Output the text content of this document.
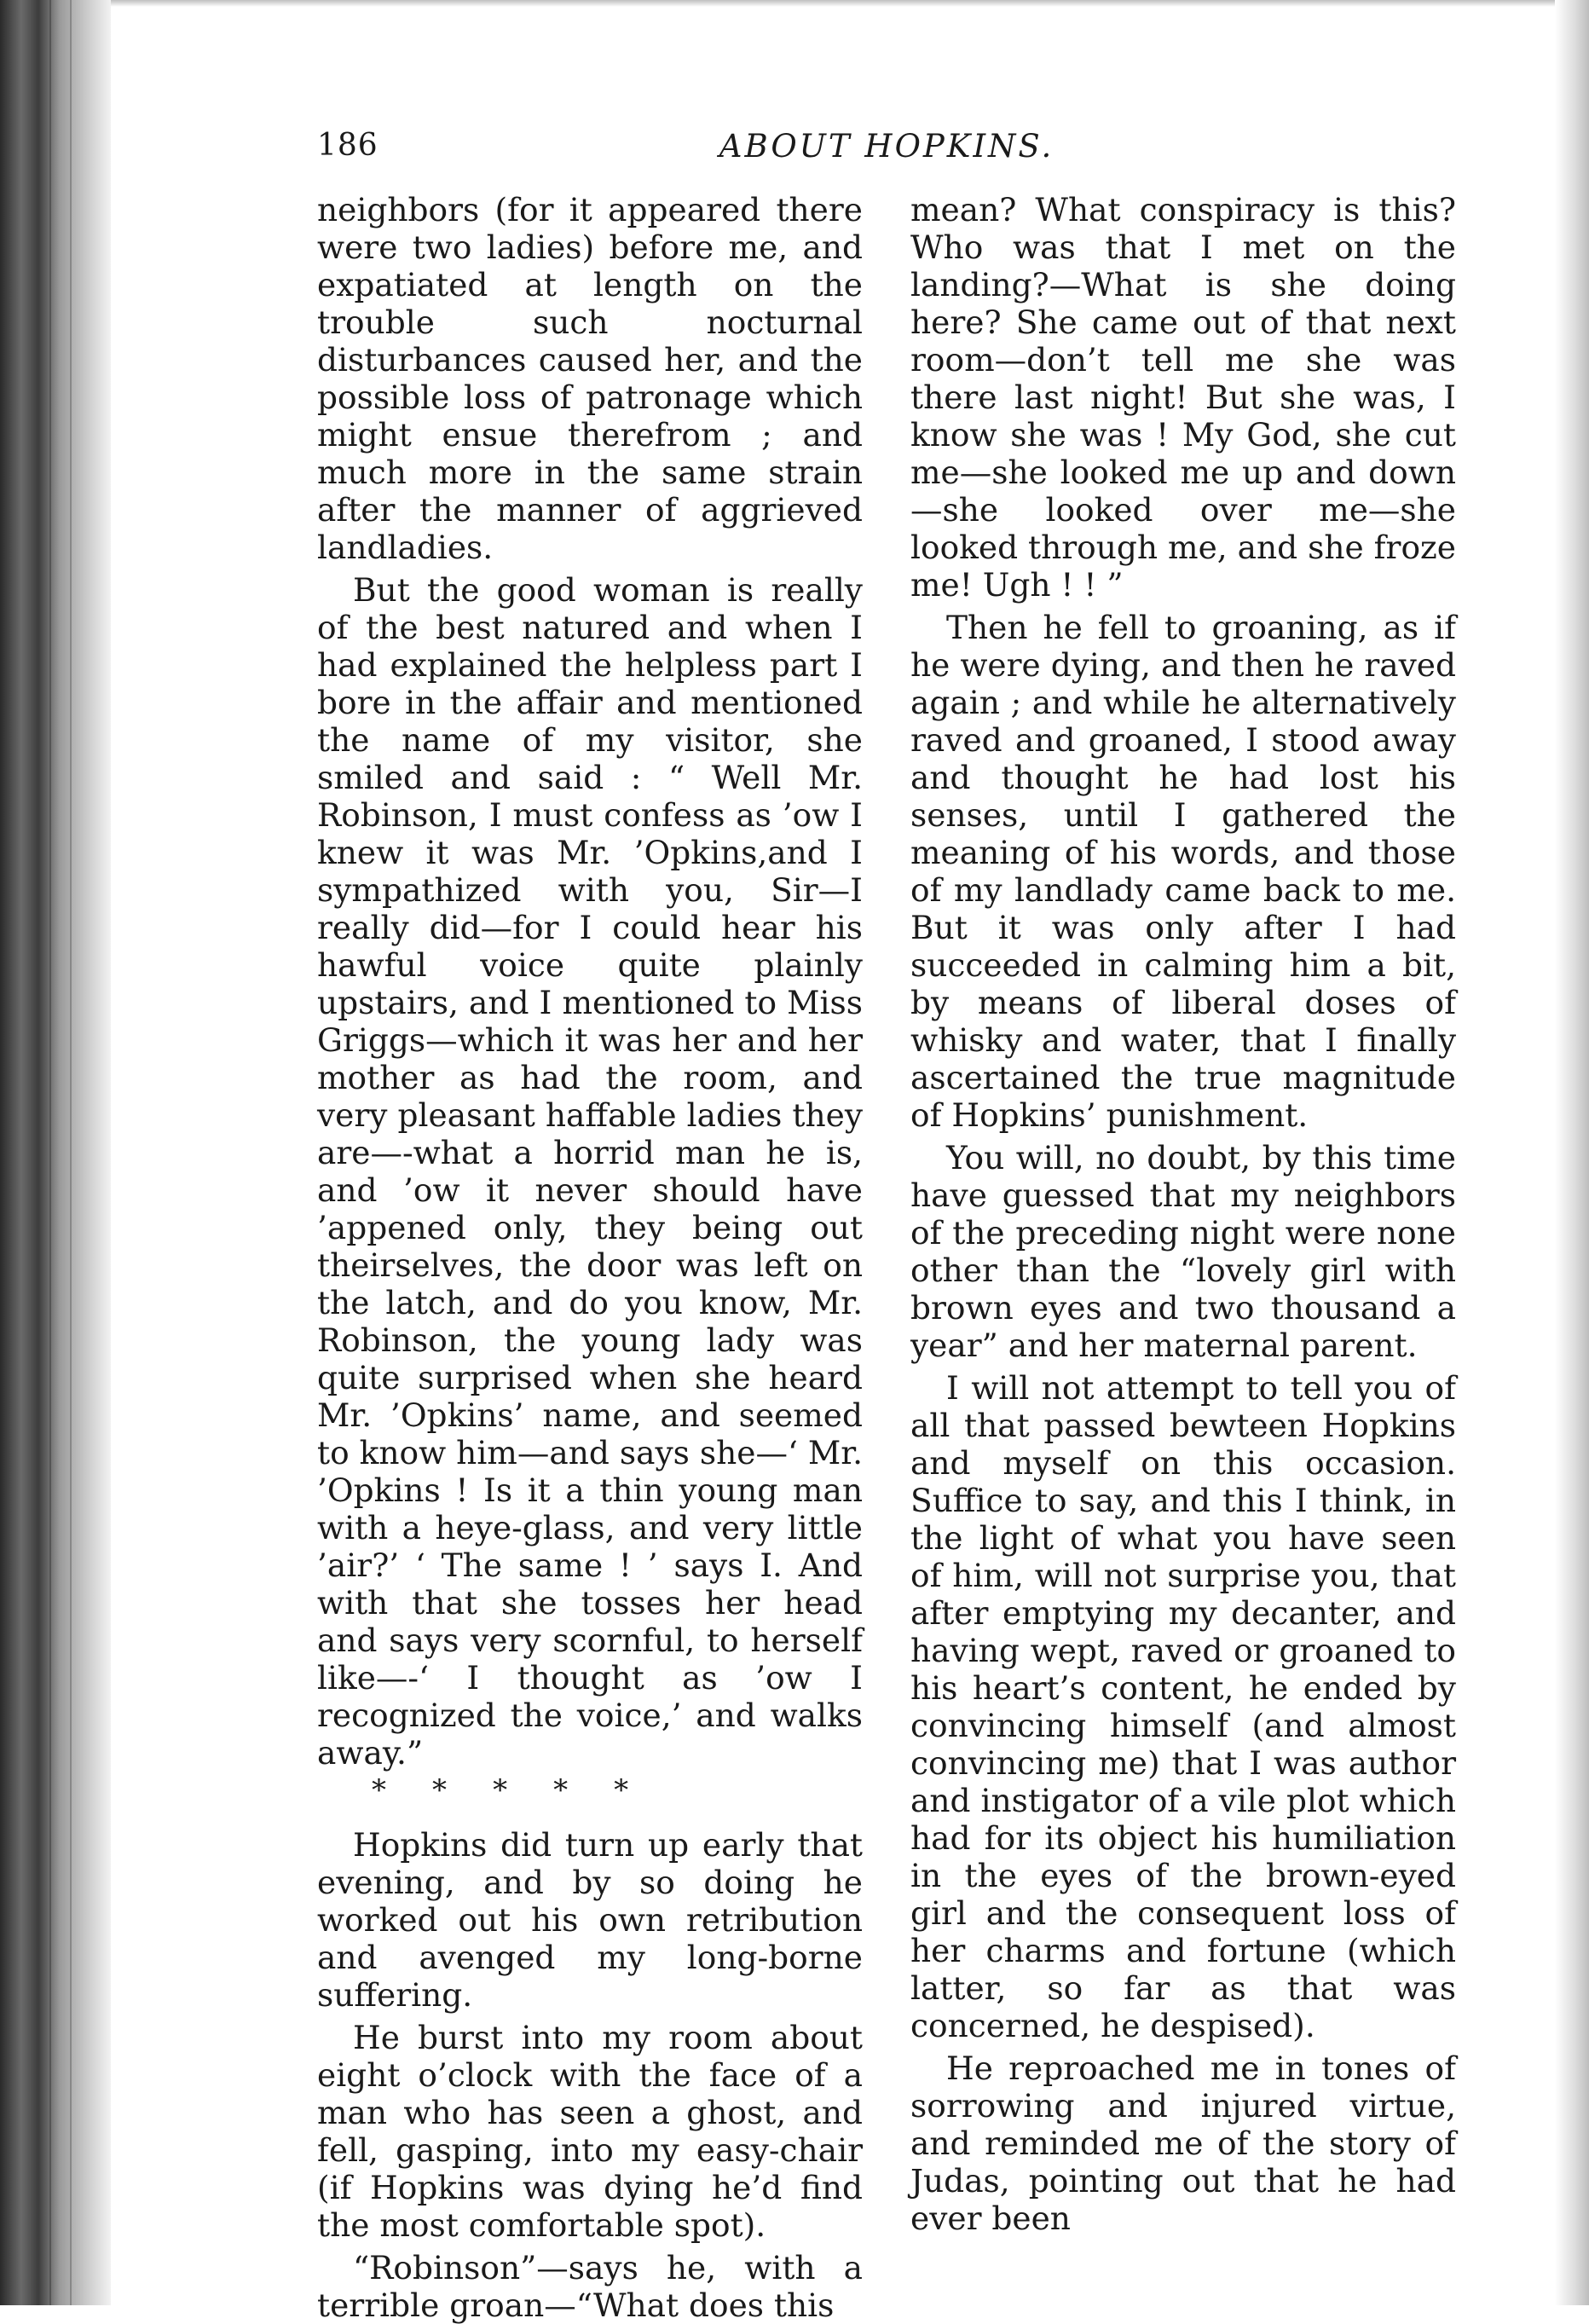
186	ABOUT HOPKINS.

neighbors (for it appeared there were two ladies) before me, and expatiated at length on the trouble such nocturnal disturbances caused her, and the possible loss of patronage which might ensue therefrom ; and much more in the same strain after the manner of aggrieved landladies.

But the good woman is really of the best natured and when I had explained the helpless part I bore in the affair and mentioned the name of my visitor, she smiled and said : “ Well Mr. Robinson, I must confess as ’ow I knew it was Mr. ’Opkins,and I sympathized with you, Sir—I really did—for I could hear his hawful voice quite plainly upstairs, and I mentioned to Miss Griggs—which it was her and her mother as had the room, and very pleasant haffable ladies they are—-what a horrid man he is, and ’ow it never should have ’appened only, they being out theirselves, the door was left on the latch, and do you know, Mr. Robinson, the young lady was quite surprised when she heard Mr. ’Opkins’ name, and seemed to know him—and says she—‘ Mr. ’Opkins ! Is it a thin young man with a heye-glass, and very little ’air?’ ‘ The same ! ’ says I. And with that she tosses her head and says very scornful, to herself like—-‘ I thought as ’ow I recognized the voice,’ and walks away.”

*     *     *     *     *

Hopkins did turn up early that evening, and by so doing he worked out his own retribution and avenged my long-borne suffering.

He burst into my room about eight o’clock with the face of a man who has seen a ghost, and fell, gasping, into my easy-chair (if Hopkins was dying he’d find the most comfortable spot).

“Robinson”—says he, with a terrible groan—“What does this

mean? What conspiracy is this? Who was that I met on the landing?—What is she doing here? She came out of that next room—don’t tell me she was there last night! But she was, I know she was ! My God, she cut me—she looked me up and down—she looked over me—she looked through me, and she froze me! Ugh ! ! ”

Then he fell to groaning, as if he were dying, and then he raved again ; and while he alternatively raved and groaned, I stood away and thought he had lost his senses, until I gathered the meaning of his words, and those of my landlady came back to me. But it was only after I had succeeded in calming him a bit, by means of liberal doses of whisky and water, that I finally ascertained the true magnitude of Hopkins’ punishment.

You will, no doubt, by this time have guessed that my neighbors of the preceding night were none other than the “lovely girl with brown eyes and two thousand a year” and her maternal parent.

I will not attempt to tell you of all that passed bewteen Hopkins and myself on this occasion. Suffice to say, and this I think, in the light of what you have seen of him, will not surprise you, that after emptying my decanter, and having wept, raved or groaned to his heart’s content, he ended by convincing himself (and almost convincing me) that I was author and instigator of a vile plot which had for its object his humiliation in the eyes of the brown-eyed girl and the consequent loss of her charms and fortune (which latter, so far as that was concerned, he despised).

He reproached me in tones of sorrowing and injured virtue, and reminded me of the story of Judas, pointing out that he had ever been
